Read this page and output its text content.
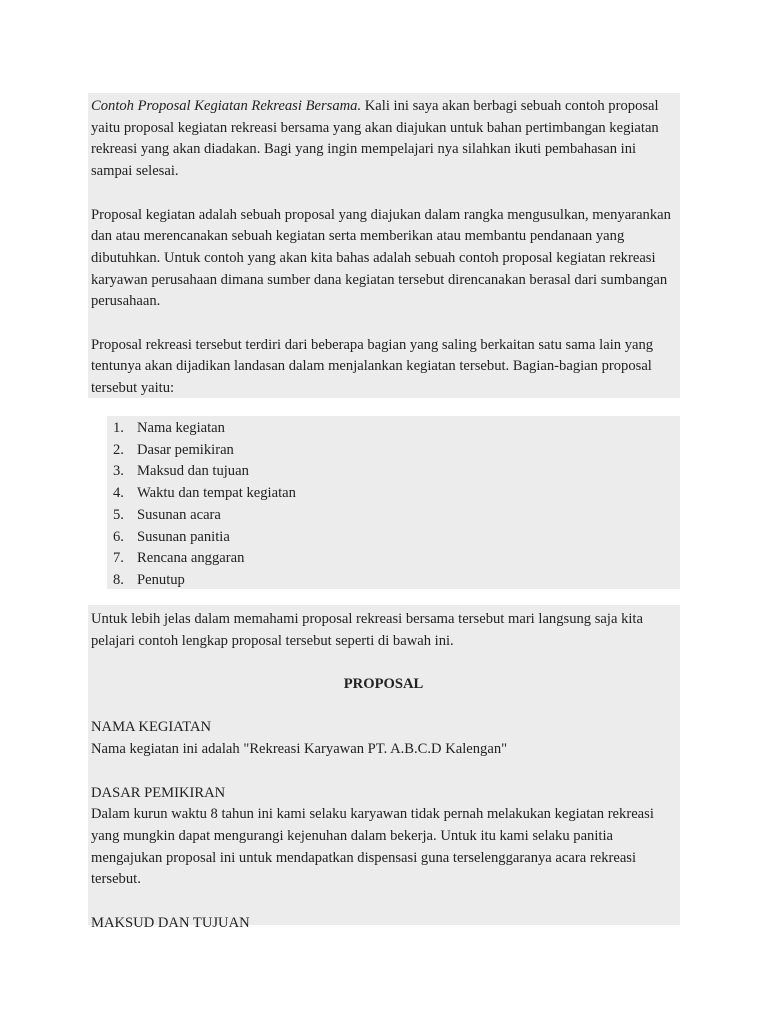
Contoh Proposal Kegiatan Rekreasi Bersama. Kali ini saya akan berbagi sebuah contoh proposal yaitu proposal kegiatan rekreasi bersama yang akan diajukan untuk bahan pertimbangan kegiatan rekreasi yang akan diadakan. Bagi yang ingin mempelajari nya silahkan ikuti pembahasan ini sampai selesai.

Proposal kegiatan adalah sebuah proposal yang diajukan dalam rangka mengusulkan, menyarankan dan atau merencanakan sebuah kegiatan serta memberikan atau membantu pendanaan yang dibutuhkan. Untuk contoh yang akan kita bahas adalah sebuah contoh proposal kegiatan rekreasi karyawan perusahaan dimana sumber dana kegiatan tersebut direncanakan berasal dari sumbangan perusahaan.

Proposal rekreasi tersebut terdiri dari beberapa bagian yang saling berkaitan satu sama lain yang tentunya akan dijadikan landasan dalam menjalankan kegiatan tersebut. Bagian-bagian proposal tersebut yaitu:

1. Nama kegiatan
2. Dasar pemikiran
3. Maksud dan tujuan
4. Waktu dan tempat kegiatan
5. Susunan acara
6. Susunan panitia
7. Rencana anggaran
8. Penutup

Untuk lebih jelas dalam memahami proposal rekreasi bersama tersebut mari langsung saja kita pelajari contoh lengkap proposal tersebut seperti di bawah ini.

PROPOSAL

NAMA KEGIATAN

Nama kegiatan ini adalah "Rekreasi Karyawan PT. A.B.C.D Kalengan"

DASAR PEMIKIRAN

Dalam kurun waktu 8 tahun ini kami selaku karyawan tidak pernah melakukan kegiatan rekreasi yang mungkin dapat mengurangi kejenuhan dalam bekerja. Untuk itu kami selaku panitia mengajukan proposal ini untuk mendapatkan dispensasi guna terselenggaranya acara rekreasi tersebut.

MAKSUD DAN TUJUAN
